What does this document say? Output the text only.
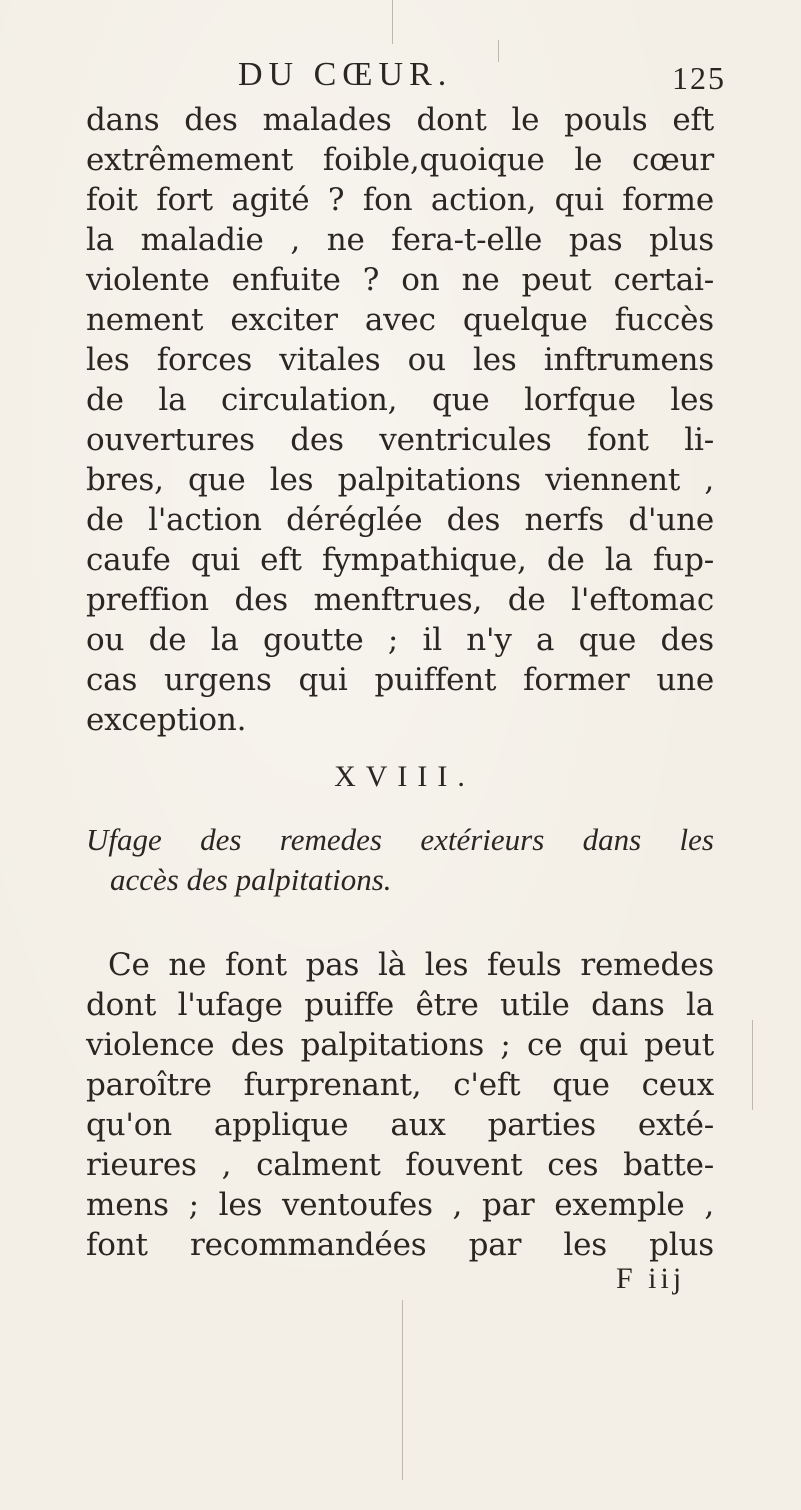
DU CŒUR.	125
dans des malades dont le pouls eft
extrêmement foible,quoique le cœur
foit fort agité ? fon action, qui forme
la maladie , ne fera-t-elle pas plus
violente enfuite ? on ne peut certai-
nement exciter avec quelque fuccès
les forces vitales ou les inftrumens
de la circulation, que lorfque les
ouvertures des ventricules font li-
bres, que les palpitations viennent ,
de l'action déréglée des nerfs d'une
caufe qui eft fympathique, de la fup-
preffion des menftrues, de l'eftomac
ou de la goutte ; il n'y a que des
cas urgens qui puiffent former une
exception.
XVIII.
Ufage des remedes extérieurs dans les
accès des palpitations.
Ce ne font pas là les feuls remedes
dont l'ufage puiffe être utile dans la
violence des palpitations ; ce qui peut
paroître furprenant, c'eft que ceux
qu'on applique aux parties exté-
rieures , calment fouvent ces batte-
mens ; les ventoufes , par exemple ,
font recommandées par les plus
F iij
